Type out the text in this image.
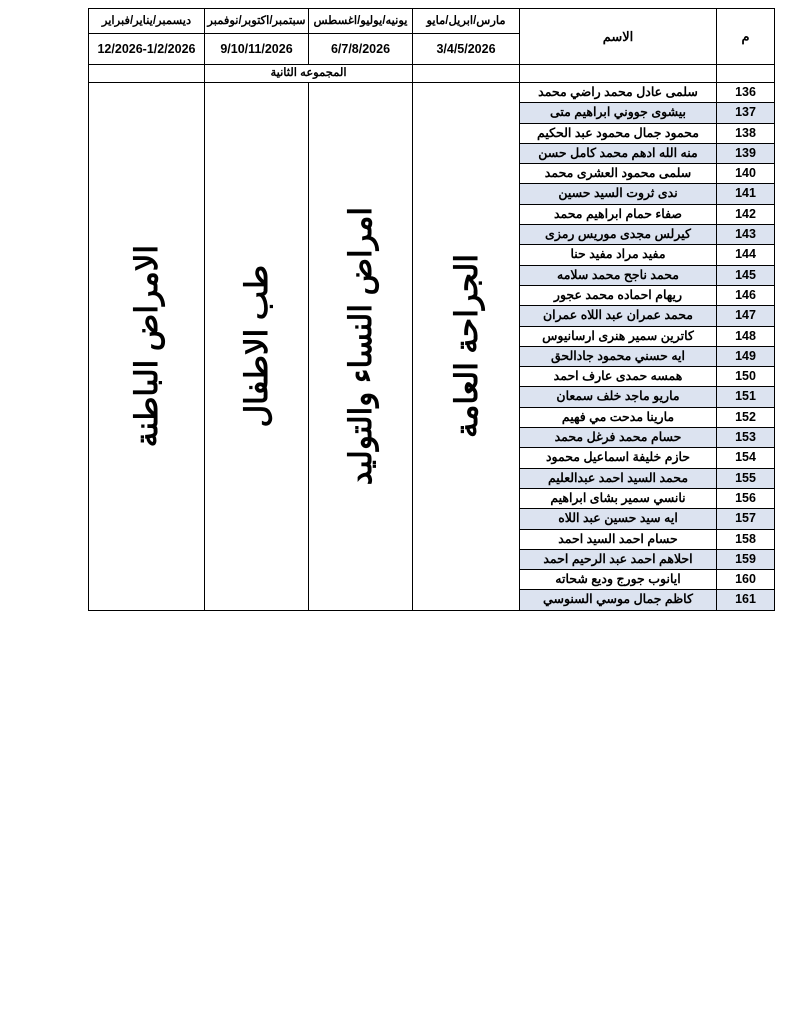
م	الاسم	مارس/ابريل/مايو	يونيه/يوليو/اغسطس	سبتمبر/اكتوبر/نوفمبر	ديسمبر/يناير/فبراير
		3/4/5/2026	6/7/8/2026	9/10/11/2026	12/2026-1/2/2026
			المجموعه الثانية		
136	سلمى عادل محمد راضي محمد	الجراحة العامة	امراض النساء والتوليد	طب الاطفال	الامراض الباطنة

137	بيشوى جووني ابراهيم متى				
138	محمود جمال محمود عبد الحكيم				
139	منه الله ادهم محمد كامل حسن				
140	سلمى محمود العشرى محمد				
141	ندى ثروت السيد حسين				
142	صفاء حمام ابراهيم محمد				
143	كيرلس مجدى موريس رمزى				
144	مفيد مراد مفيد حنا				
145	محمد ناجح محمد سلامه				
146	ريهام احماده محمد عجور				
147	محمد عمران عبد اللاه عمران				
148	كاترين سمير هنرى ارسانيوس				
149	ايه حسني محمود جادالحق				
150	همسه حمدى عارف احمد				
151	ماريو ماجد خلف سمعان				
152	مارينا مدحت مي فهيم				
153	حسام محمد فرغل محمد				
154	حازم خليفة اسماعيل محمود				
155	محمد السيد احمد عبدالعليم				
156	نانسي سمير بشاى ابراهيم				
157	ايه سيد حسين عبد اللاه				
158	حسام احمد السيد احمد				
159	احلاهم احمد عبد الرحيم احمد				
160	ايانوب جورج وديع شحاته				
161	كاظم جمال موسي السنوسي				
